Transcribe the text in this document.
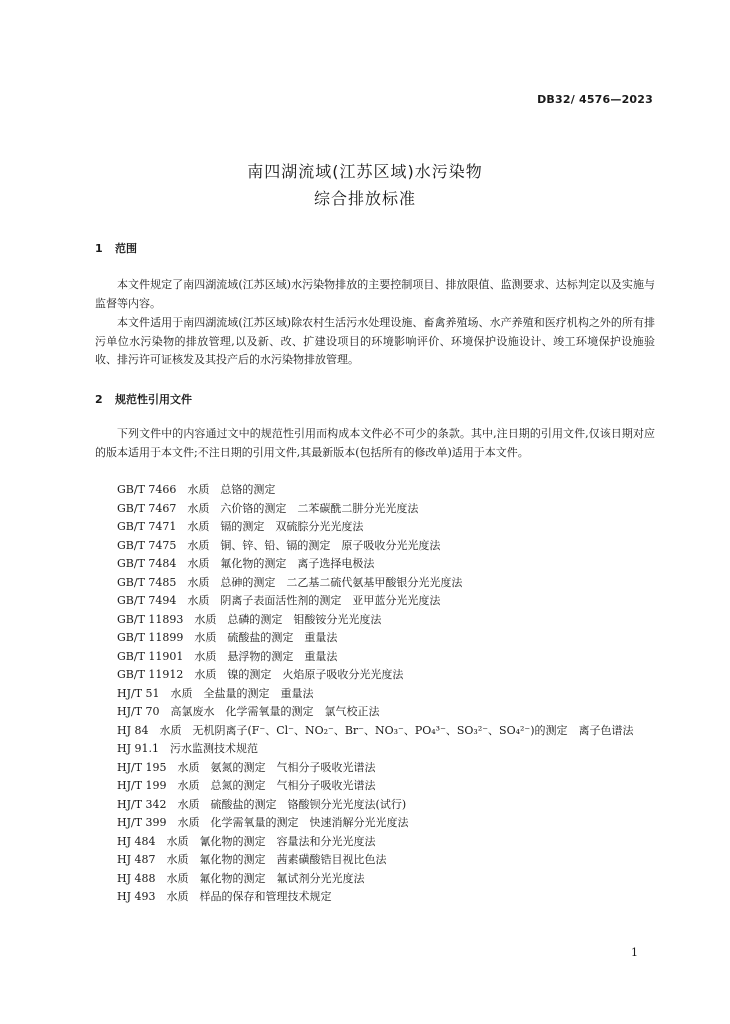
DB32/ 4576—2023
南四湖流域(江苏区域)水污染物
综合排放标准
1 范围

本文件规定了南四湖流域(江苏区域)水污染物排放的主要控制项目、排放限值、监测要求、达标判定以及实施与监督等内容。

本文件适用于南四湖流域(江苏区域)除农村生活污水处理设施、畜禽养殖场、水产养殖和医疗机构之外的所有排污单位水污染物的排放管理,以及新、改、扩建设项目的环境影响评价、环境保护设施设计、竣工环境保护设施验收、排污许可证核发及其投产后的水污染物排放管理。

2 规范性引用文件

下列文件中的内容通过文中的规范性引用而构成本文件必不可少的条款。其中,注日期的引用文件,仅该日期对应的版本适用于本文件;不注日期的引用文件,其最新版本(包括所有的修改单)适用于本文件。

GB/T 7466　水质　总铬的测定
GB/T 7467　水质　六价铬的测定　二苯碳酰二肼分光光度法
GB/T 7471　水质　镉的测定　双硫腙分光光度法
GB/T 7475　水质　铜、锌、铅、镉的测定　原子吸收分光光度法
GB/T 7484　水质　氟化物的测定　离子选择电极法
GB/T 7485　水质　总砷的测定　二乙基二硫代氨基甲酸银分光光度法
GB/T 7494　水质　阴离子表面活性剂的测定　亚甲蓝分光光度法
GB/T 11893　水质　总磷的测定　钼酸铵分光光度法
GB/T 11899　水质　硫酸盐的测定　重量法
GB/T 11901　水质　悬浮物的测定　重量法
GB/T 11912　水质　镍的测定　火焰原子吸收分光光度法
HJ/T 51　水质　全盐量的测定　重量法
HJ/T 70　高氯废水　化学需氧量的测定　氯气校正法
HJ 84　水质　无机阴离子(F⁻、Cl⁻、NO₂⁻、Br⁻、NO₃⁻、PO₄³⁻、SO₃²⁻、SO₄²⁻)的测定　离子色谱法
HJ 91.1　污水监测技术规范
HJ/T 195　水质　氨氮的测定　气相分子吸收光谱法
HJ/T 199　水质　总氮的测定　气相分子吸收光谱法
HJ/T 342　水质　硫酸盐的测定　铬酸钡分光光度法(试行)
HJ/T 399　水质　化学需氧量的测定　快速消解分光光度法
HJ 484　水质　氰化物的测定　容量法和分光光度法
HJ 487　水质　氟化物的测定　茜素磺酸锆目视比色法
HJ 488　水质　氟化物的测定　氟试剂分光光度法
HJ 493　水质　样品的保存和管理技术规定
1
